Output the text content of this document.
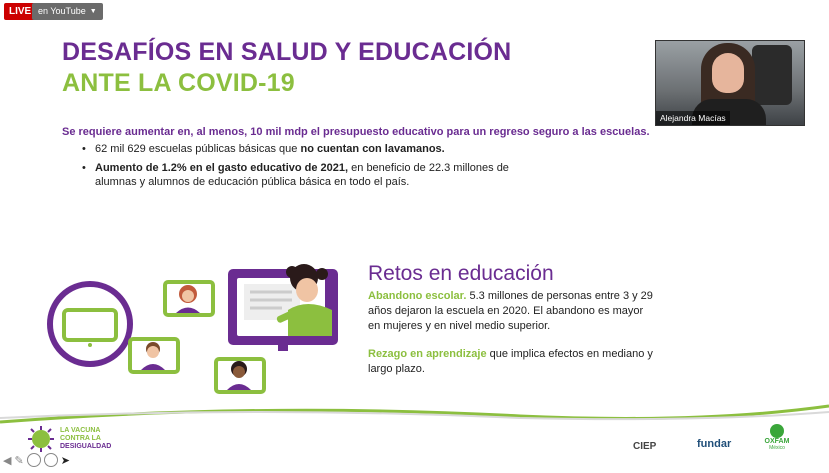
LIVE en YouTube ▼
DESAFÍOS EN SALUD Y EDUCACIÓN
ANTE LA COVID-19
Se requiere aumentar en, al menos, 10 mil mdp el presupuesto educativo para un regreso seguro a las escuelas.
• 62 mil 629 escuelas públicas básicas que no cuentan con lavamanos.
• Aumento de 1.2% en el gasto educativo de 2021, en beneficio de 22.3 millones de alumnas y alumnos de educación pública básica en todo el país.
Alejandra Macías
Retos en educación
Abandono escolar. 5.3 millones de personas entre 3 y 29 años dejaron la escuela en 2020. El abandono es mayor en mujeres y en nivel medio superior.
Rezago en aprendizaje que implica efectos en mediano y largo plazo.
LA VACUNA
CONTRA LA
DESIGUALDAD
◀ ✎	➤
CIEP	fundar	OXFAM
México
